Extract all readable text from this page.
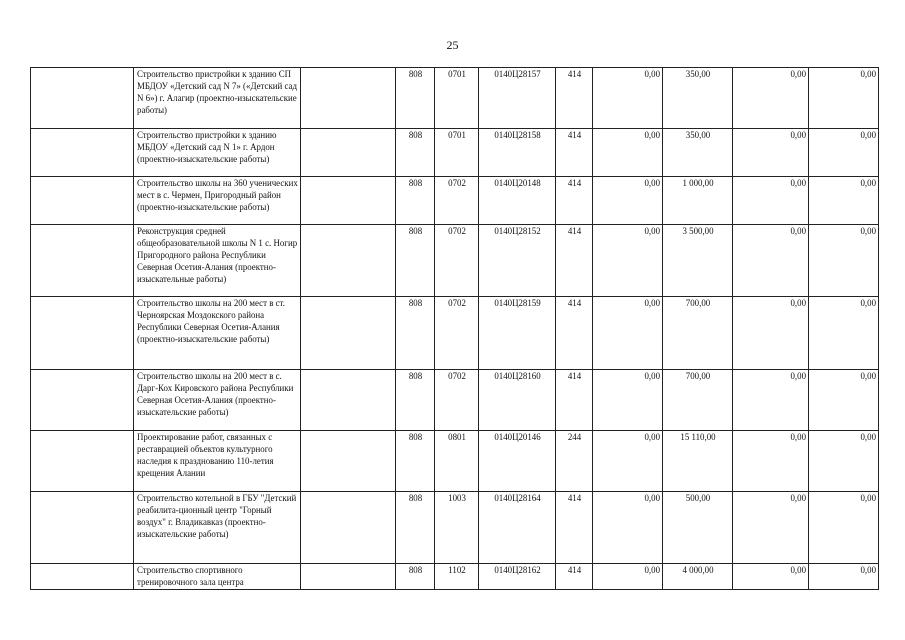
25
	Строительство пристройки к зданию СП МБДОУ «Детский сад N 7» («Детский сад N 6») г. Алагир (проектно-изыскательские работы)		808	0701	0140Ц28157	414	0,00	350,00	0,00	0,00
	Строительство пристройки к зданию МБДОУ «Детский сад N 1» г. Ардон (проектно-изыскательские работы)		808	0701	0140Ц28158	414	0,00	350,00	0,00	0,00
	Строительство школы на 360 ученических мест в с. Чермен, Пригородный район (проектно-изыскательские работы)		808	0702	0140Ц20148	414	0,00	1 000,00	0,00	0,00
	Реконструкция средней общеобразовательной школы N 1 с. Ногир Пригородного района Республики Северная Осетия-Алания (проектно-изыскательные работы)		808	0702	0140Ц28152	414	0,00	3 500,00	0,00	0,00
	Строительство школы на 200 мест в ст. Черноярская Моздокского района Республики Северная Осетия-Алания (проектно-изыскательские работы)		808	0702	0140Ц28159	414	0,00	700,00	0,00	0,00
	Строительство школы на 200 мест в с. Дарг-Кох Кировского района Республики Северная Осетия-Алания (проектно-изыскательские работы)		808	0702	0140Ц28160	414	0,00	700,00	0,00	0,00
	Проектирование работ, связанных с реставрацией объектов культурного наследия к празднованию 110-летия крещения Алании		808	0801	0140Ц20146	244	0,00	15 110,00	0,00	0,00
	Строительство котельной в ГБУ "Детский реабилита-ционный центр "Горный воздух" г. Владикавказ (проектно-изыскательские работы)		808	1003	0140Ц28164	414	0,00	500,00	0,00	0,00
	Строительство спортивного тренировочного зала центра		808	1102	0140Ц28162	414	0,00	4 000,00	0,00	0,00
